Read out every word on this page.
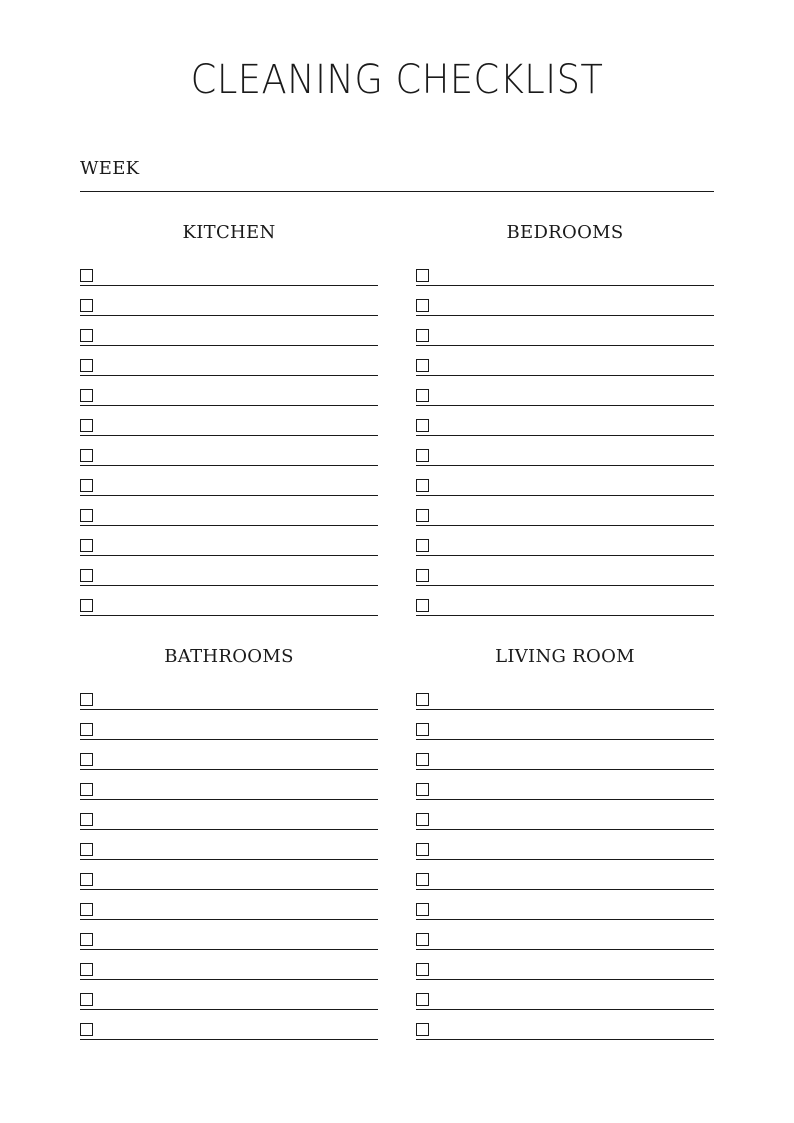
CLEANING CHECKLIST
WEEK
KITCHEN	BEDROOMS
BATHROOMS	LIVING ROOM
